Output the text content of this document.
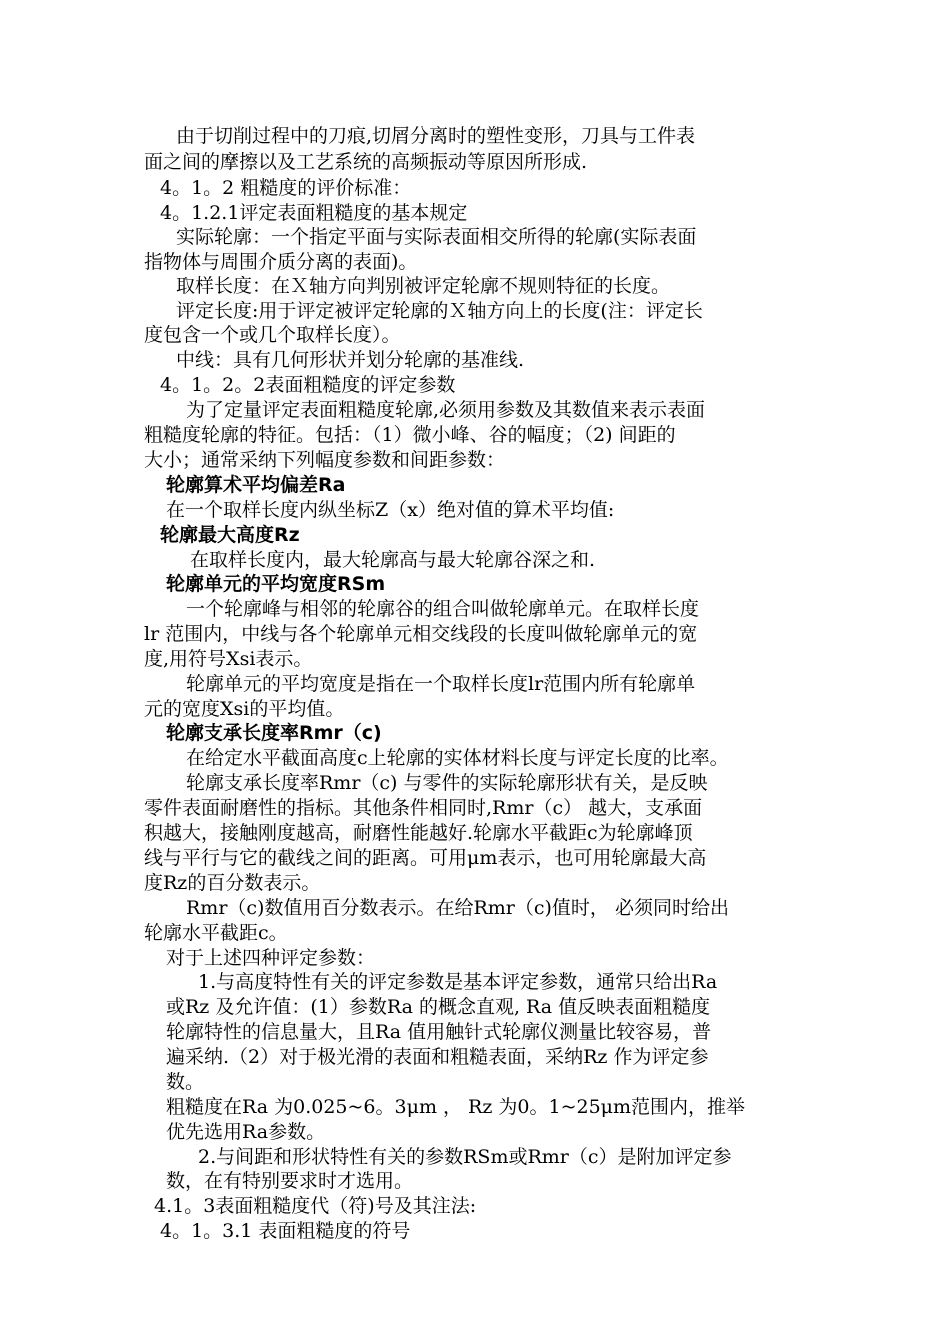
由于切削过程中的刀痕,切屑分离时的塑性变形，刀具与工件表
面之间的摩擦以及工艺系统的高频振动等原因所形成.
4。1。2 粗糙度的评价标准：
4。1.2.1评定表面粗糙度的基本规定
实际轮廓：一个指定平面与实际表面相交所得的轮廓(实际表面
指物体与周围介质分离的表面)。
取样长度：在Ｘ轴方向判别被评定轮廓不规则特征的长度。
评定长度:用于评定被评定轮廓的Ｘ轴方向上的长度(注：评定长
度包含一个或几个取样长度）。
中线：具有几何形状并划分轮廓的基准线.
4。1。2。2表面粗糙度的评定参数
为了定量评定表面粗糙度轮廓,必须用参数及其数值来表示表面
粗糙度轮廓的特征。包括：（1）微小峰、谷的幅度；（2) 间距的
大小；通常采纳下列幅度参数和间距参数：
轮廓算术平均偏差Ra
在一个取样长度内纵坐标Z（x）绝对值的算术平均值:
轮廓最大高度Rz
在取样长度内，最大轮廓高与最大轮廓谷深之和.
轮廓单元的平均宽度RSm
一个轮廓峰与相邻的轮廓谷的组合叫做轮廓单元。在取样长度
lr 范围内，中线与各个轮廓单元相交线段的长度叫做轮廓单元的宽
度,用符号Xsi表示。
轮廓单元的平均宽度是指在一个取样长度lr范围内所有轮廓单
元的宽度Xsi的平均值。
轮廓支承长度率Rmr（c)
在给定水平截面高度c上轮廓的实体材料长度与评定长度的比率。
轮廓支承长度率Rmr（c) 与零件的实际轮廓形状有关，是反映
零件表面耐磨性的指标。其他条件相同时,Rmr（c） 越大，支承面
积越大，接触刚度越高，耐磨性能越好.轮廓水平截距c为轮廓峰顶
线与平行与它的截线之间的距离。可用μm表示，也可用轮廓最大高
度Rz的百分数表示。
Rmr（c)数值用百分数表示。在给Rmr（c)值时， 必须同时给出
轮廓水平截距c。
对于上述四种评定参数：
1.与高度特性有关的评定参数是基本评定参数，通常只给出Ra
或Rz 及允许值：(1）参数Ra 的概念直观, Ra 值反映表面粗糙度
轮廓特性的信息量大，且Ra 值用触针式轮廓仪测量比较容易，普
遍采纳.（2）对于极光滑的表面和粗糙表面，采纳Rz 作为评定参
数。
粗糙度在Ra 为0.025~6。3μm ， Rz 为0。1~25μm范围内，推举
优先选用Ra参数。
2.与间距和形状特性有关的参数RSm或Rmr（c）是附加评定参
数，在有特别要求时才选用。
4.1。3表面粗糙度代（符)号及其注法:
4。1。3.1 表面粗糙度的符号
